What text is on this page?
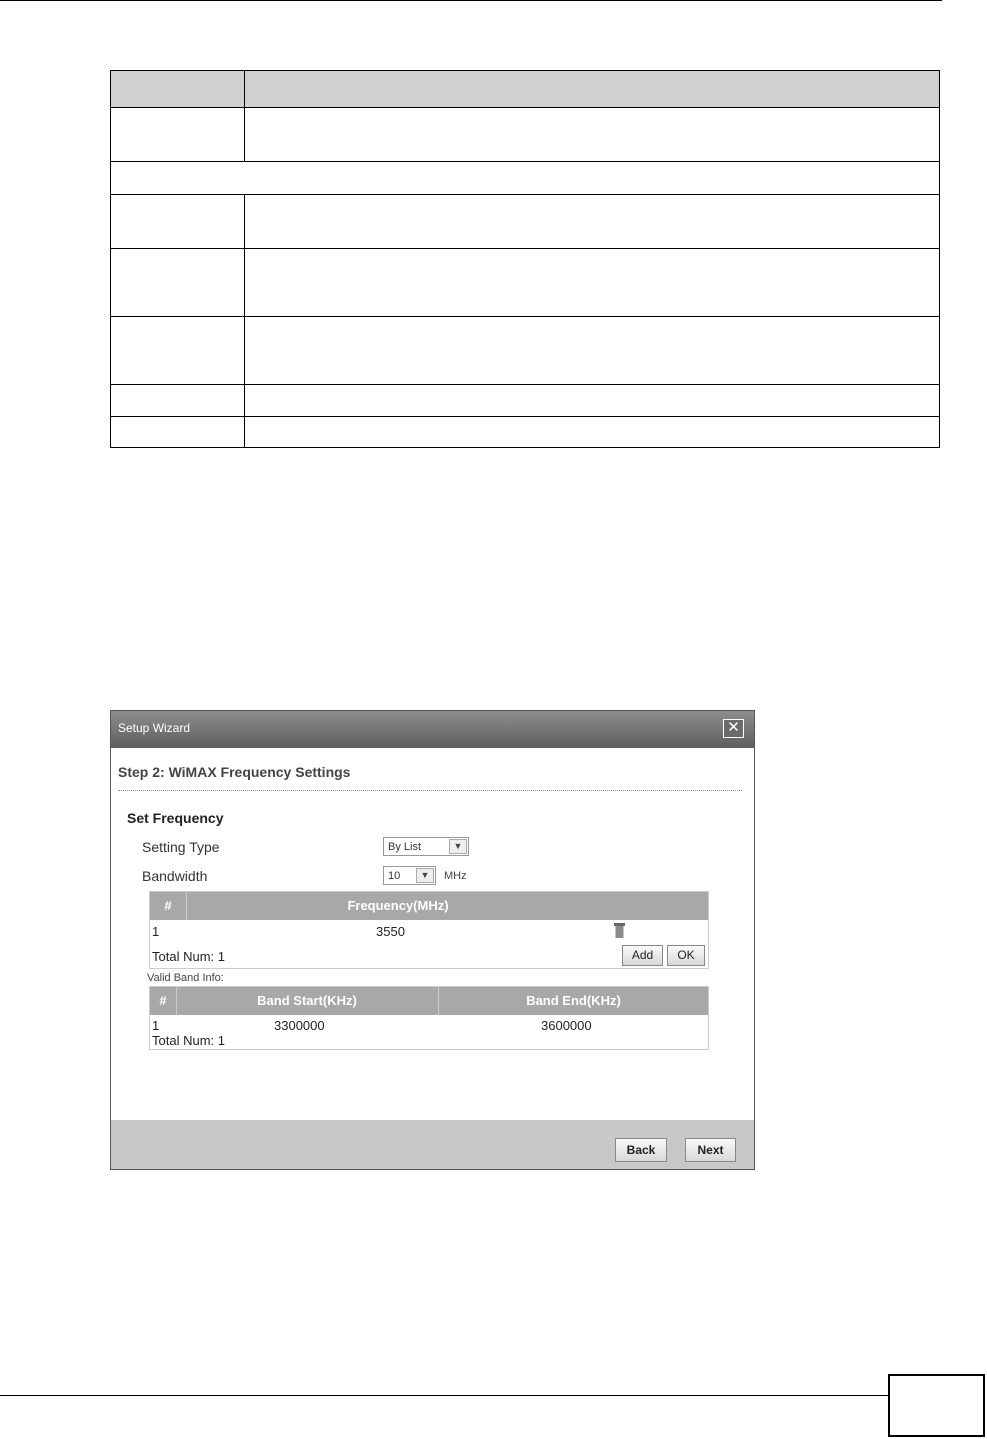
Setup Wizard	✕
Step 2: WiMAX Frequency Settings
Set Frequency
Setting Type	By List	▼
Bandwidth	10	▼	MHz
#	Frequency(MHz)
1	3550
Total Num: 1	Add	OK
Valid Band Info:
#	Band Start(KHz)	Band End(KHz)
1	3300000	3600000
Total Num: 1
Back	Next
